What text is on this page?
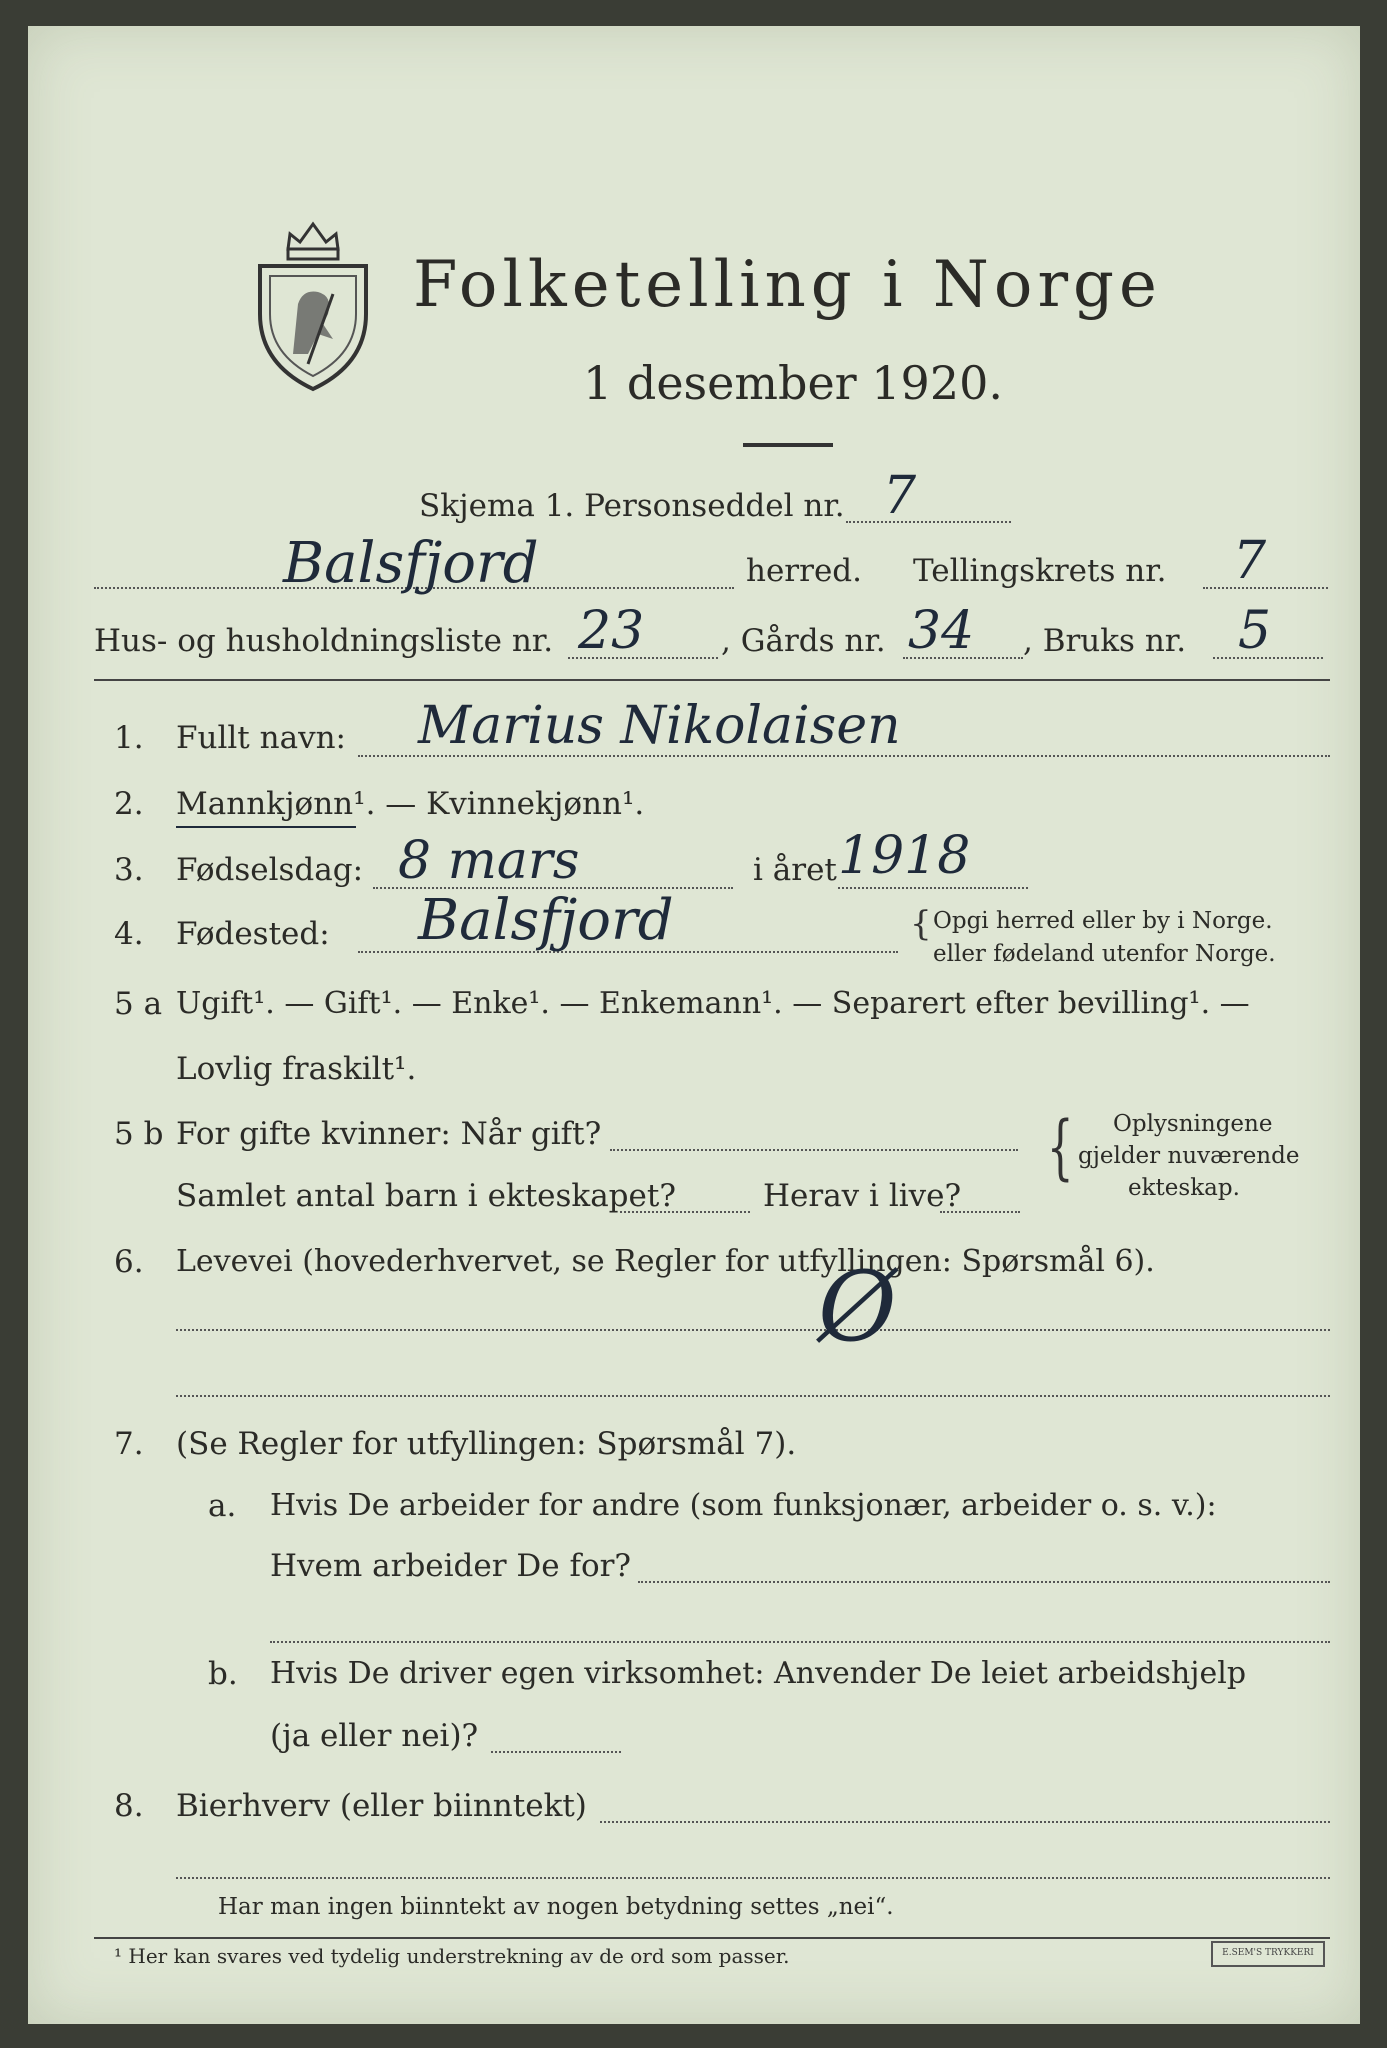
Folketelling i Norge
1 desember 1920.
Skjema 1. Personseddel nr. 7
Balsfjord	herred. Tellingskrets nr. 7
Hus- og husholdningsliste nr. 23 , Gårds nr. 34 , Bruks nr. 5
1. Fullt navn: Marius Nikolaisen
2. Mannkjønn¹. — Kvinnekjønn¹.
3. Fødselsdag: 8 mars	i året 1918
4. Fødested: Balsfjord	{ Opgi herred eller by i Norge.
eller fødeland utenfor Norge.
5 a Ugift¹. — Gift¹. — Enke¹. — Enkemann¹. — Separert efter bevilling¹. —
Lovlig fraskilt¹.
5 b For gifte kvinner: Når gift?
Samlet antal barn i ekteskapet?	Herav i live?
{ Oplysningene
gjelder nuværende
ekteskap.
6. Levevei (hovederhvervet, se Regler for utfyllingen: Spørsmål 6).
Ø
7. (Se Regler for utfyllingen: Spørsmål 7).
a. Hvis De arbeider for andre (som funksjonær, arbeider o. s. v.):
Hvem arbeider De for?
b. Hvis De driver egen virksomhet: Anvender De leiet arbeidshjelp
(ja eller nei)?
8. Bierhverv (eller biinntekt)
Har man ingen biinntekt av nogen betydning settes „nei“.
¹ Her kan svares ved tydelig understrekning av de ord som passer.	E.SEM'S TRYKKERI
